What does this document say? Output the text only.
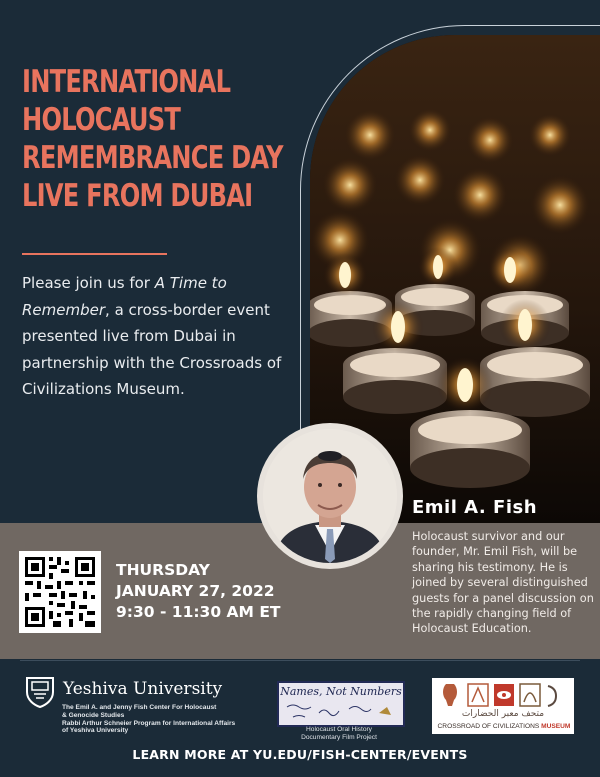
INTERNATIONAL
HOLOCAUST
REMEMBRANCE DAY
LIVE FROM DUBAI

Please join us for A Time to Remember, a cross-border event presented live from Dubai in partnership with the Crossroads of Civilizations Museum.

THURSDAY
JANUARY 27, 2022
9:30 - 11:30 AM ET
Emil A. Fish
Holocaust survivor and our founder, Mr. Emil Fish, will be sharing his testimony. He is joined by several distinguished guests for a panel discussion on the rapidly changing field of Holocaust Education.
Yeshiva University
The Emil A. and Jenny Fish Center For Holocaust
& Genocide Studies
Rabbi Arthur Schneier Program for International Affairs
of Yeshiva University
Names, Not Numbers
Holocaust Oral History
Documentary Film Project
متحف معبر الحضارات
CROSSROAD OF CIVILIZATIONS MUSEUM
LEARN MORE AT YU.EDU/FISH-CENTER/EVENTS
